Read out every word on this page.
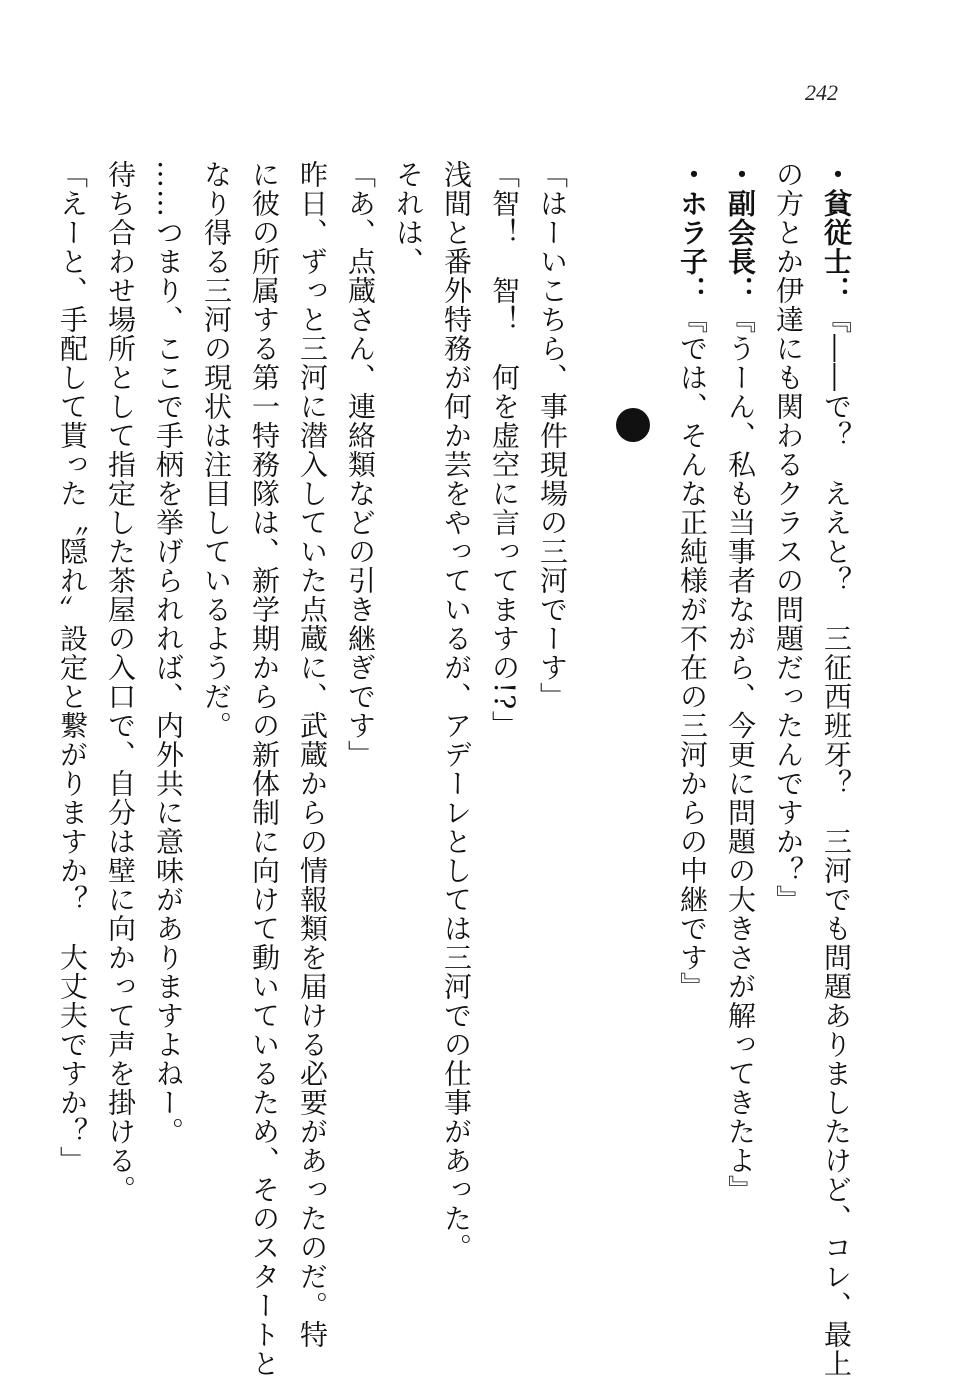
242
・貧従士：『――で？　ええと？　三征西班牙？　三河でも問題ありましたけど、コレ、最上
の方とか伊達にも関わるクラスの問題だったんですか？』
・副会長：『うーん、私も当事者ながら、今更に問題の大きさが解ってきたよ』
・ホラ子：『では、そんな正純様が不在の三河からの中継です』
「はーいこちら、事件現場の三河でーす」
「智！　智！　何を虚空に言ってますの!?」
浅間と番外特務が何か芸をやっているが、アデーレとしては三河での仕事があった。
それは、
「あ、点蔵さん、連絡類などの引き継ぎです」
昨日、ずっと三河に潜入していた点蔵に、武蔵からの情報類を届ける必要があったのだ。特
に彼の所属する第一特務隊は、新学期からの新体制に向けて動いているため、そのスタートと
なり得る三河の現状は注目しているようだ。
……つまり、ここで手柄を挙げられれば、内外共に意味がありますよねー。
待ち合わせ場所として指定した茶屋の入口で、自分は壁に向かって声を掛ける。
「えーと、手配して貰った〝隠れ〟設定と繋がりますか？　大丈夫ですか？」
